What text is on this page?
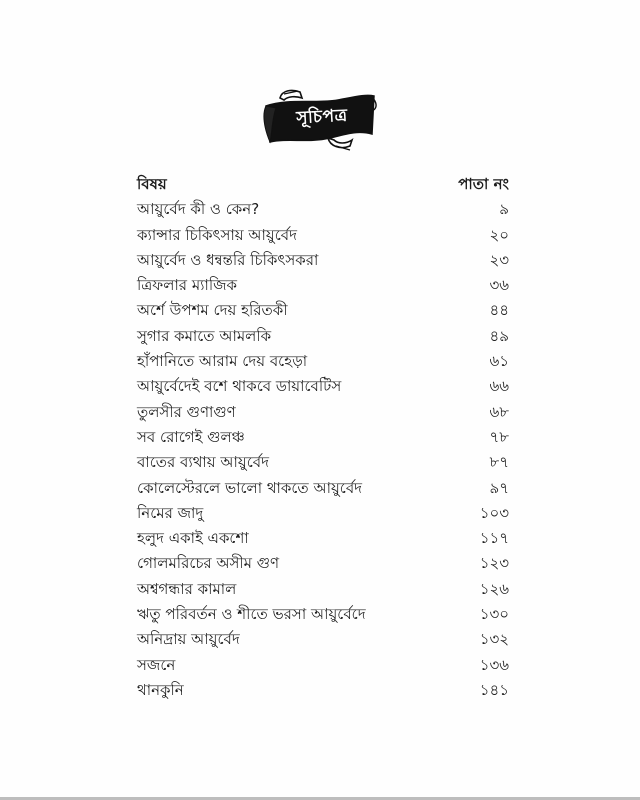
সূচিপত্র
বিষয়	পাতা নং
আয়ুর্বেদ কী ও কেন?	৯
ক্যান্সার চিকিৎসায় আয়ুর্বেদ	২০
আয়ুর্বেদ ও ধন্বন্তরি চিকিৎসকরা	২৩
ত্রিফলার ম্যাজিক	৩৬
অর্শে উপশম দেয় হরিতকী	৪৪
সুগার কমাতে আমলকি	৪৯
হাঁপানিতে আরাম দেয় বহেড়া	৬১
আয়ুর্বেদেই বশে থাকবে ডায়াবেটিস	৬৬
তুলসীর গুণাগুণ	৬৮
সব রোগেই গুলঞ্চ	৭৮
বাতের ব্যথায় আয়ুর্বেদ	৮৭
কোলেস্টেরলে ভালো থাকতে আয়ুর্বেদ	৯৭
নিমের জাদু	১০৩
হলুদ একাই একশো	১১৭
গোলমরিচের অসীম গুণ	১২৩
অশ্বগন্ধার কামাল	১২৬
ঋতু পরিবর্তন ও শীতে ভরসা আয়ুর্বেদে	১৩০
অনিদ্রায় আয়ুর্বেদ	১৩২
সজনে	১৩৬
থানকুনি	১৪১
